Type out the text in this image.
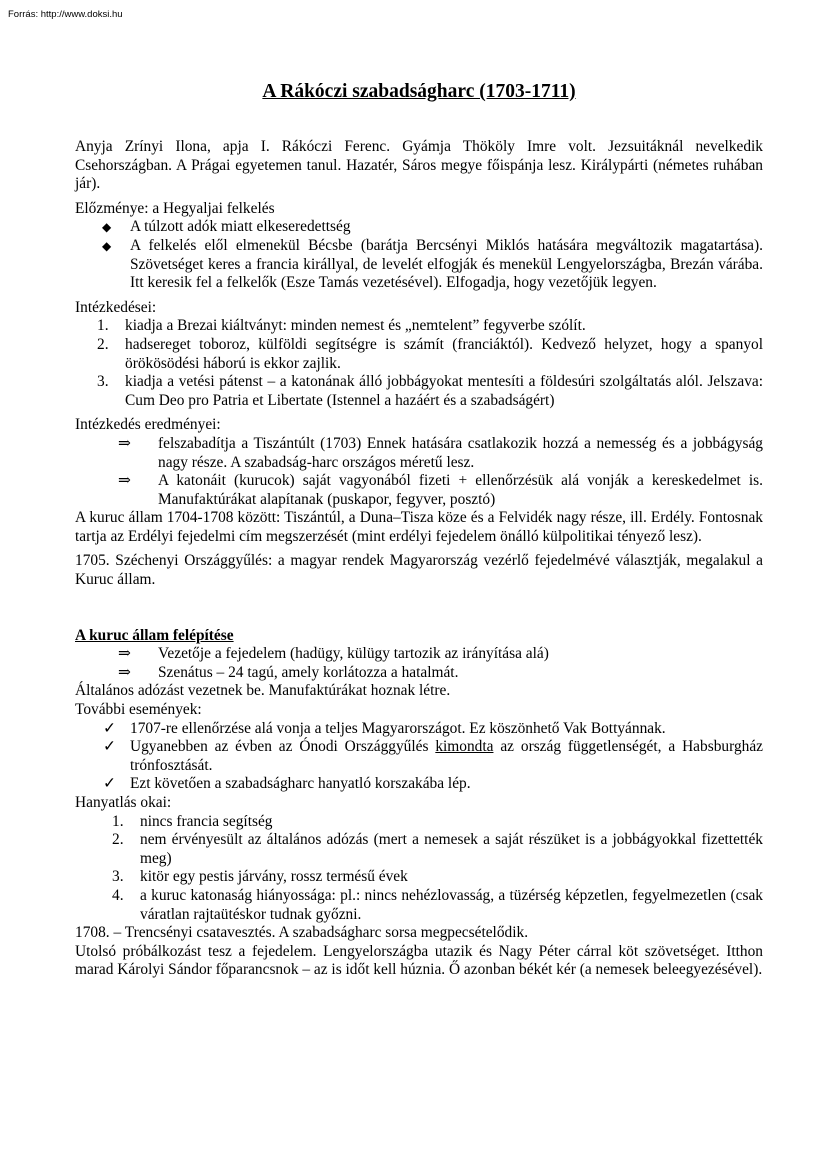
Forrás: http://www.doksi.hu
A Rákóczi szabadságharc (1703-1711)

Anyja Zrínyi Ilona, apja I. Rákóczi Ferenc. Gyámja Thököly Imre volt. Jezsuitáknál nevelkedik Csehországban. A Prágai egyetemen tanul. Hazatér, Sáros megye főispánja lesz. Királypárti (németes ruhában jár).

Előzménye: a Hegyaljai felkelés

◆ A túlzott adók miatt elkeseredettség
◆ A felkelés elől elmenekül Bécsbe (barátja Bercsényi Miklós hatására megváltozik magatartása). Szövetséget keres a francia királlyal, de levelét elfogják és menekül Lengyelországba, Brezán várába. Itt keresik fel a felkelők (Esze Tamás vezetésével). Elfogadja, hogy vezetőjük legyen.

Intézkedései:

1. kiadja a Brezai kiáltványt: minden nemest és „nemtelent” fegyverbe szólít.
2. hadsereget toboroz, külföldi segítségre is számít (franciáktól). Kedvező helyzet, hogy a spanyol örökösödési háború is ekkor zajlik.
3. kiadja a vetési pátenst – a katonának álló jobbágyokat mentesíti a földesúri szolgáltatás alól. Jelszava: Cum Deo pro Patria et Libertate (Istennel a hazáért és a szabadságért)

Intézkedés eredményei:

⇒ felszabadítja a Tiszántúlt (1703) Ennek hatására csatlakozik hozzá a nemesség és a jobbágyság nagy része. A szabadság-harc országos méretű lesz.
⇒ A katonáit (kurucok) saját vagyonából fizeti + ellenőrzésük alá vonják a kereskedelmet is. Manufaktúrákat alapítanak (puskapor, fegyver, posztó)

A kuruc állam 1704-1708 között: Tiszántúl, a Duna–Tisza köze és a Felvidék nagy része, ill. Erdély. Fontosnak tartja az Erdélyi fejedelmi cím megszerzését (mint erdélyi fejedelem önálló külpolitikai tényező lesz).

1705. Széchenyi Országgyűlés: a magyar rendek Magyarország vezérlő fejedelmévé választják, megalakul a Kuruc állam.

A kuruc állam felépítése

⇒ Vezetője a fejedelem (hadügy, külügy tartozik az irányítása alá)
⇒ Szenátus – 24 tagú, amely korlátozza a hatalmát.

Általános adózást vezetnek be. Manufaktúrákat hoznak létre.

További események:

✓ 1707-re ellenőrzése alá vonja a teljes Magyarországot. Ez köszönhető Vak Bottyánnak.
✓ Ugyanebben az évben az Ónodi Országgyűlés kimondta az ország függetlenségét, a Habsburgház trónfosztását.
✓ Ezt követően a szabadságharc hanyatló korszakába lép.

Hanyatlás okai:

1. nincs francia segítség
2. nem érvényesült az általános adózás (mert a nemesek a saját részüket is a jobbágyokkal fizettették meg)
3. kitör egy pestis járvány, rossz termésű évek
4. a kuruc katonaság hiányossága: pl.: nincs nehézlovasság, a tüzérség képzetlen, fegyelmezetlen (csak váratlan rajtaütéskor tudnak győzni.

1708. – Trencsényi csatavesztés. A szabadságharc sorsa megpecsételődik.

Utolsó próbálkozást tesz a fejedelem. Lengyelországba utazik és Nagy Péter cárral köt szövetséget. Itthon marad Károlyi Sándor főparancsnok – az is időt kell húznia. Ő azonban békét kér (a nemesek beleegyezésével).
